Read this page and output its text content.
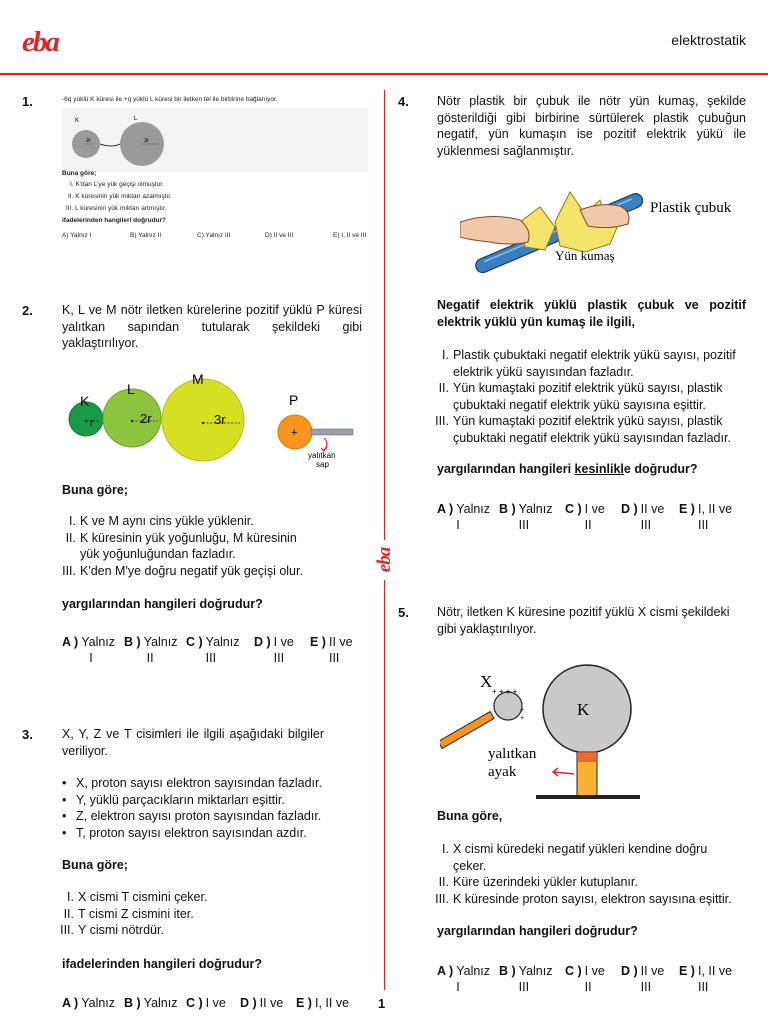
eba	elektrostatik
eba
1.	-6q yüklü K küresi ile +q yüklü L küresi bir iletken tel ile birbirine bağlanıyor.
K	L
2r	3r
Buna göre;
I. K'dan L'ye yük geçişi olmuştur.
II. K küresinin yük miktarı azalmıştır.
III. L küresinin yük miktarı artmıştır.
ifadelerinden hangileri doğrudur?
A) Yalnız I	B) Yalnız II	C) Yalnız III	D) II ve III	E) I, II ve III
2. K, L ve M nötr iletken kürelerine pozitif yüklü P küresi
yalıtkan sapından tutularak şekildeki gibi
yaklaştırılıyor.
K
L
M
r	2r	3r
P
+
yalıtkan
sap
Buna göre;
I. K ve M aynı cins yükle yüklenir.
II. K küresinin yük yoğunluğu, M küresinin yük yoğunluğundan fazladır.
III. K'den M'ye doğru negatif yük geçişi olur.
yargılarından hangileri doğrudur?
A ) Yalnız
I
B ) Yalnız
II
C ) Yalnız
III
D ) I ve
III
E ) II ve
III
3. X, Y, Z ve T cisimleri ile ilgili aşağıdaki bilgiler
veriliyor.
• X, proton sayısı elektron sayısından fazladır.
• Y, yüklü parçacıkların miktarları eşittir.
• Z, elektron sayısı proton sayısından fazladır.
• T, proton sayısı elektron sayısından azdır.
Buna göre;
I. X cismi T cismini çeker.
II. T cismi Z cismini iter.
III. Y cismi nötrdür.
ifadelerinden hangileri doğrudur?
A ) Yalnız B ) Yalnız C ) I ve D ) II ve E ) I, II ve
4. Nötr plastik bir çubuk ile nötr yün kumaş, şekilde
gösterildiği gibi birbirine sürtülerek plastik çubuğun
negatif, yün kumaşın ise pozitif elektrik yükü ile
yüklenmesi sağlanmıştır.
Plastik çubuk
Yün kumaş
Negatif elektrik yüklü plastik çubuk ve pozitif
elektrik yüklü yün kumaş ile ilgili,
I. Plastik çubuktaki negatif elektrik yükü sayısı, pozitif elektrik yükü sayısından fazladır.
II. Yün kumaştaki pozitif elektrik yükü sayısı, plastik çubuktaki negatif elektrik yükü sayısına eşittir.
III. Yün kumaştaki pozitif elektrik yükü sayısı, plastik çubuktaki negatif elektrik yükü sayısından fazladır.
yargılarından hangileri kesinlikle doğrudur?
A ) Yalnız
I
B ) Yalnız
III
C ) I ve
II
D ) II ve
III
E ) I, II ve
III
5. Nötr, iletken K küresine pozitif yüklü X cismi şekildeki
gibi yaklaştırılıyor.
+ + + +
+
+
X
K
yalıtkan
ayak
Buna göre,
I. X cismi küredeki negatif yükleri kendine doğru çeker.
II. Küre üzerindeki yükler kutuplanır.
III. K küresinde proton sayısı, elektron sayısına eşittir.
yargılarından hangileri doğrudur?
A ) Yalnız
I
B ) Yalnız
III
C ) I ve
II
D ) II ve
III
E ) I, II ve
III
1
